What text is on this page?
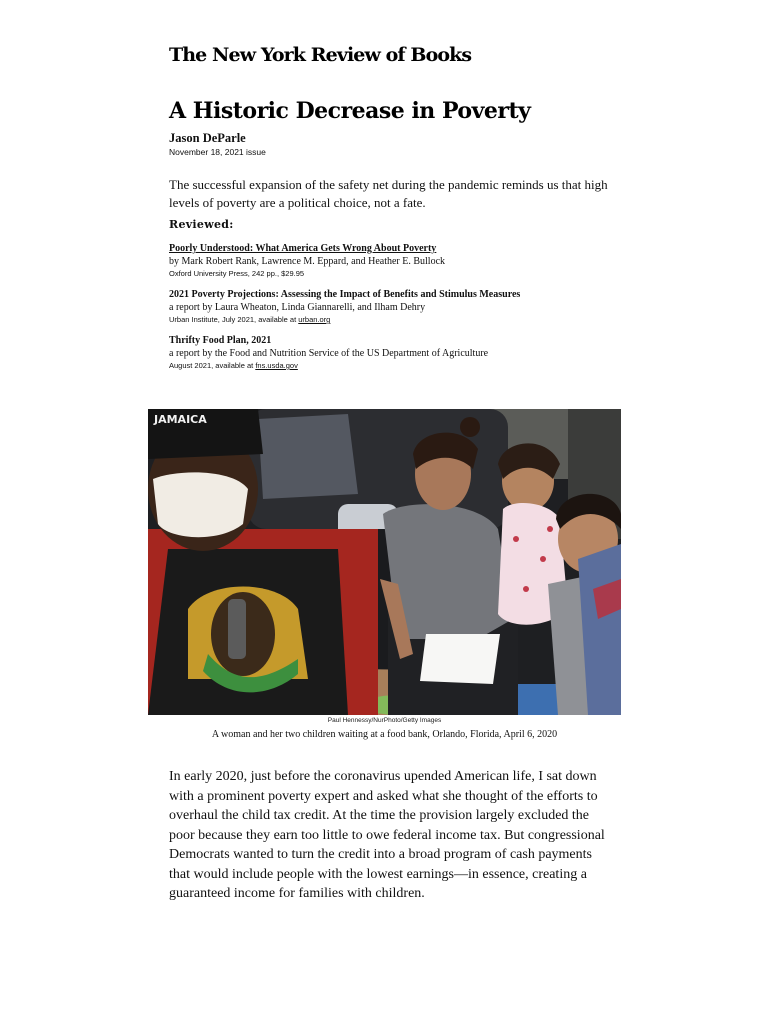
The New York Review of Books
A Historic Decrease in Poverty
Jason DeParle
November 18, 2021 issue
The successful expansion of the safety net during the pandemic reminds us that high levels of poverty are a political choice, not a fate.
Reviewed:
Poorly Understood: What America Gets Wrong About Poverty
by Mark Robert Rank, Lawrence M. Eppard, and Heather E. Bullock
Oxford University Press, 242 pp., $29.95
2021 Poverty Projections: Assessing the Impact of Benefits and Stimulus Measures
a report by Laura Wheaton, Linda Giannarelli, and Ilham Dehry
Urban Institute, July 2021, available at urban.org
Thrifty Food Plan, 2021
a report by the Food and Nutrition Service of the US Department of Agriculture
August 2021, available at fns.usda.gov
JAMAICA
Paul Hennessy/NurPhoto/Getty Images
A woman and her two children waiting at a food bank, Orlando, Florida, April 6, 2020

In early 2020, just before the coronavirus upended American life, I sat down with a prominent poverty expert and asked what she thought of the efforts to overhaul the child tax credit. At the time the provision largely excluded the poor because they earn too little to owe federal income tax. But congressional Democrats wanted to turn the credit into a broad program of cash payments that would include people with the lowest earnings—in essence, creating a guaranteed income for families with children.
